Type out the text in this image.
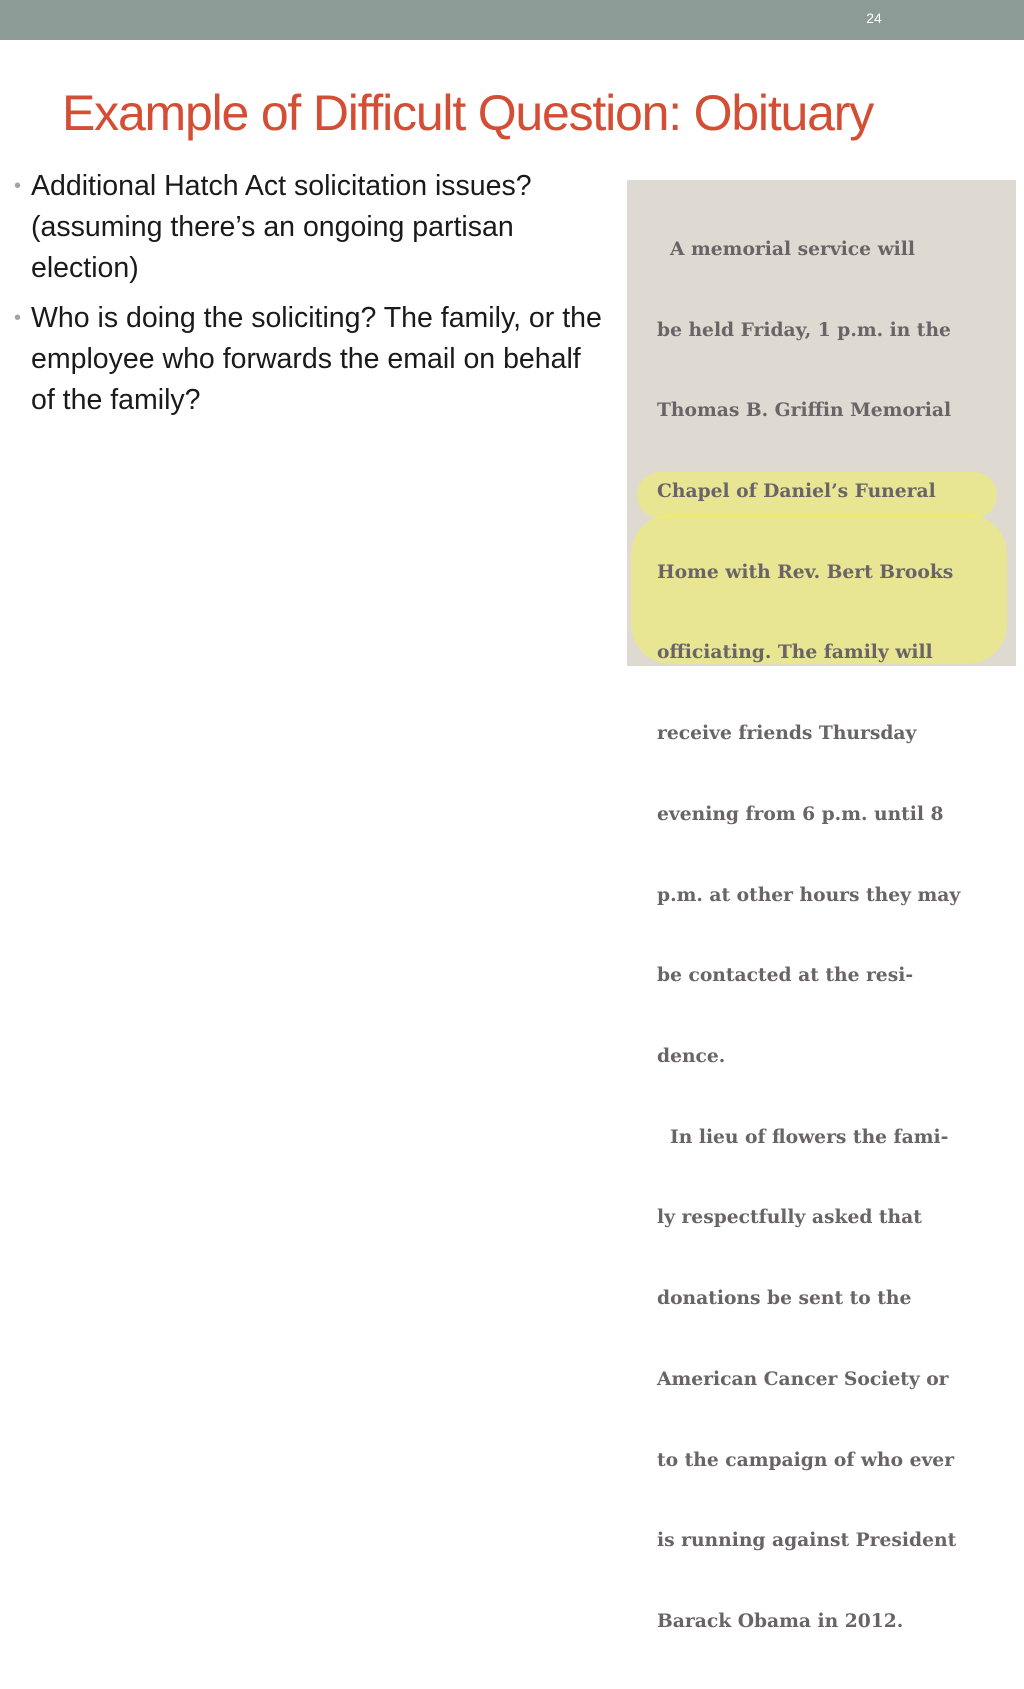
24
Example of Difficult Question: Obituary
• Additional Hatch Act solicitation issues? (assuming there’s an ongoing partisan election)
• Who is doing the soliciting? The family, or the employee who forwards the email on behalf of the family?

A memorial service will

be held Friday, 1 p.m. in the

Thomas B. Griffin Memorial

Chapel of Daniel’s Funeral

Home with Rev. Bert Brooks

officiating. The family will

receive friends Thursday

evening from 6 p.m. until 8

p.m. at other hours they may

be contacted at the resi-

dence.

In lieu of flowers the fami-

ly respectfully asked that

donations be sent to the

American Cancer Society or

to the campaign of who ever

is running against President

Barack Obama in 2012.
